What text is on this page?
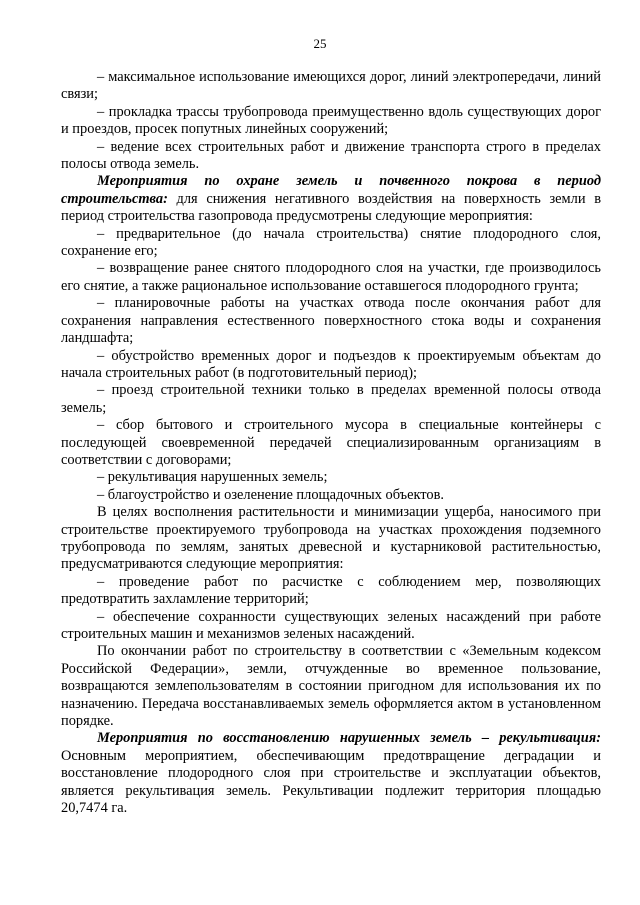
25

– максимальное использование имеющихся дорог, линий электропередачи, линий связи;

– прокладка трассы трубопровода преимущественно вдоль существующих дорог и проездов, просек попутных линейных сооружений;

– ведение всех строительных работ и движение транспорта строго в пределах полосы отвода земель.

Мероприятия по охране земель и почвенного покрова в период строительства: для снижения негативного воздействия на поверхность земли в период строительства газопровода предусмотрены следующие мероприятия:

– предварительное (до начала строительства) снятие плодородного слоя, сохранение его;

– возвращение ранее снятого плодородного слоя на участки, где производилось его снятие, а также рациональное использование оставшегося плодородного грунта;

– планировочные работы на участках отвода после окончания работ для сохранения направления естественного поверхностного стока воды и сохранения ландшафта;

– обустройство временных дорог и подъездов к проектируемым объектам до начала строительных работ (в подготовительный период);

– проезд строительной техники только в пределах временной полосы отвода земель;

– сбор бытового и строительного мусора в специальные контейнеры с последующей своевременной передачей специализированным организациям в соответствии с договорами;

– рекультивация нарушенных земель;

– благоустройство и озеленение площадочных объектов.

В целях восполнения растительности и минимизации ущерба, наносимого при строительстве проектируемого трубопровода на участках прохождения подземного трубопровода по землям, занятых древесной и кустарниковой растительностью, предусматриваются следующие мероприятия:

– проведение работ по расчистке с соблюдением мер, позволяющих предотвратить захламление территорий;

– обеспечение сохранности существующих зеленых насаждений при работе строительных машин и механизмов зеленых насаждений.

По окончании работ по строительству в соответствии с «Земельным кодексом Российской Федерации», земли, отчужденные во временное пользование, возвращаются землепользователям в состоянии пригодном для использования их по назначению. Передача восстанавливаемых земель оформляется актом в установленном порядке.

Мероприятия по восстановлению нарушенных земель – рекультивация: Основным мероприятием, обеспечивающим предотвращение деградации и восстановление плодородного слоя при строительстве и эксплуатации объектов, является рекультивация земель. Рекультивации подлежит территория площадью 20,7474 га.
